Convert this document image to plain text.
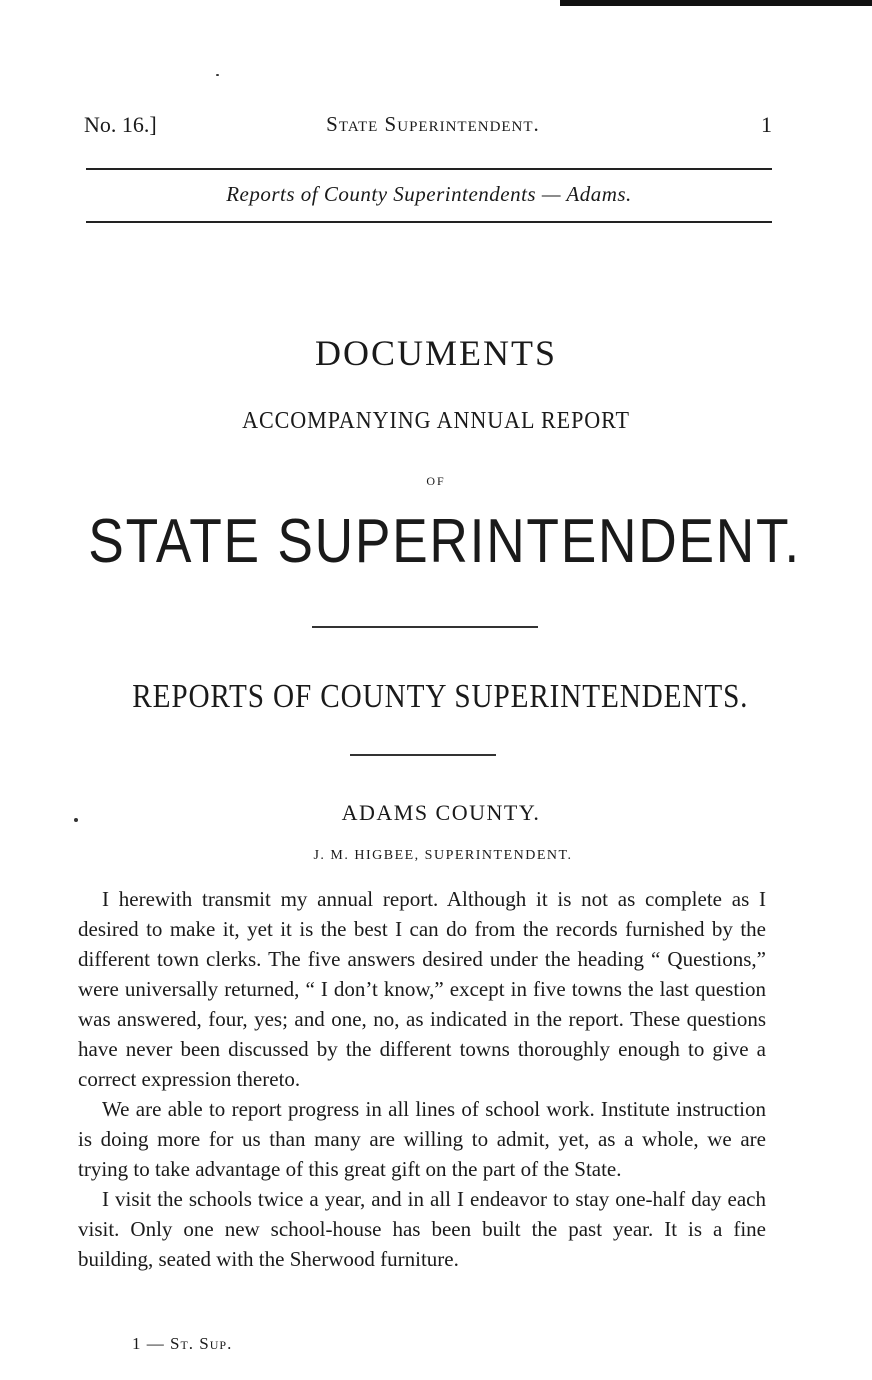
No. 16.]	State Superintendent.	1
Reports of County Superintendents — Adams.
DOCUMENTS
ACCOMPANYING ANNUAL REPORT
OF
STATE SUPERINTENDENT.
REPORTS OF COUNTY SUPERINTENDENTS.
ADAMS COUNTY.
J. M. HIGBEE, SUPERINTENDENT.

I herewith transmit my annual report. Although it is not as complete as I desired to make it, yet it is the best I can do from the records furnished by the different town clerks. The five answers desired under the heading “ Questions,” were universally returned, “ I don’t know,” except in five towns the last question was answered, four, yes; and one, no, as indicated in the report. These questions have never been discussed by the different towns thoroughly enough to give a correct expression thereto.

We are able to report progress in all lines of school work. Institute instruction is doing more for us than many are willing to admit, yet, as a whole, we are trying to take advantage of this great gift on the part of the State.

I visit the schools twice a year, and in all I endeavor to stay one-half day each visit. Only one new school-house has been built the past year. It is a fine building, seated with the Sherwood furniture.

1 — St. Sup.
